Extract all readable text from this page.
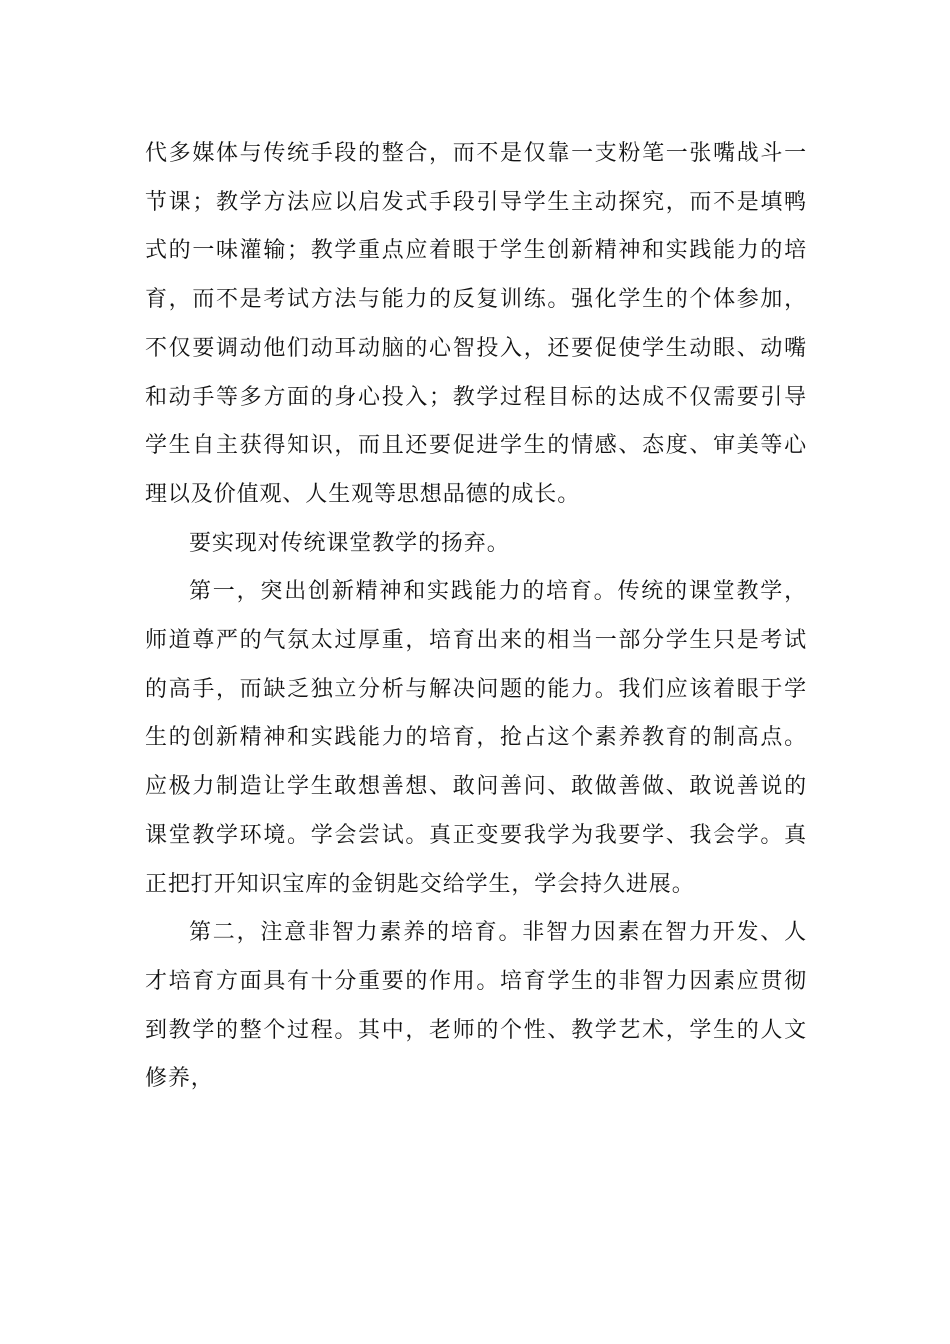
代多媒体与传统手段的整合，而不是仅靠一支粉笔一张嘴战斗一节课；教学方法应以启发式手段引导学生主动探究，而不是填鸭式的一味灌输；教学重点应着眼于学生创新精神和实践能力的培育，而不是考试方法与能力的反复训练。强化学生的个体参加，不仅要调动他们动耳动脑的心智投入，还要促使学生动眼、动嘴和动手等多方面的身心投入；教学过程目标的达成不仅需要引导学生自主获得知识，而且还要促进学生的情感、态度、审美等心理以及价值观、人生观等思想品德的成长。

要实现对传统课堂教学的扬弃。

第一，突出创新精神和实践能力的培育。传统的课堂教学，师道尊严的气氛太过厚重，培育出来的相当一部分学生只是考试的高手，而缺乏独立分析与解决问题的能力。我们应该着眼于学生的创新精神和实践能力的培育，抢占这个素养教育的制高点。应极力制造让学生敢想善想、敢问善问、敢做善做、敢说善说的课堂教学环境。学会尝试。真正变要我学为我要学、我会学。真正把打开知识宝库的金钥匙交给学生，学会持久进展。

第二，注意非智力素养的培育。非智力因素在智力开发、人才培育方面具有十分重要的作用。培育学生的非智力因素应贯彻到教学的整个过程。其中，老师的个性、教学艺术，学生的人文修养，
